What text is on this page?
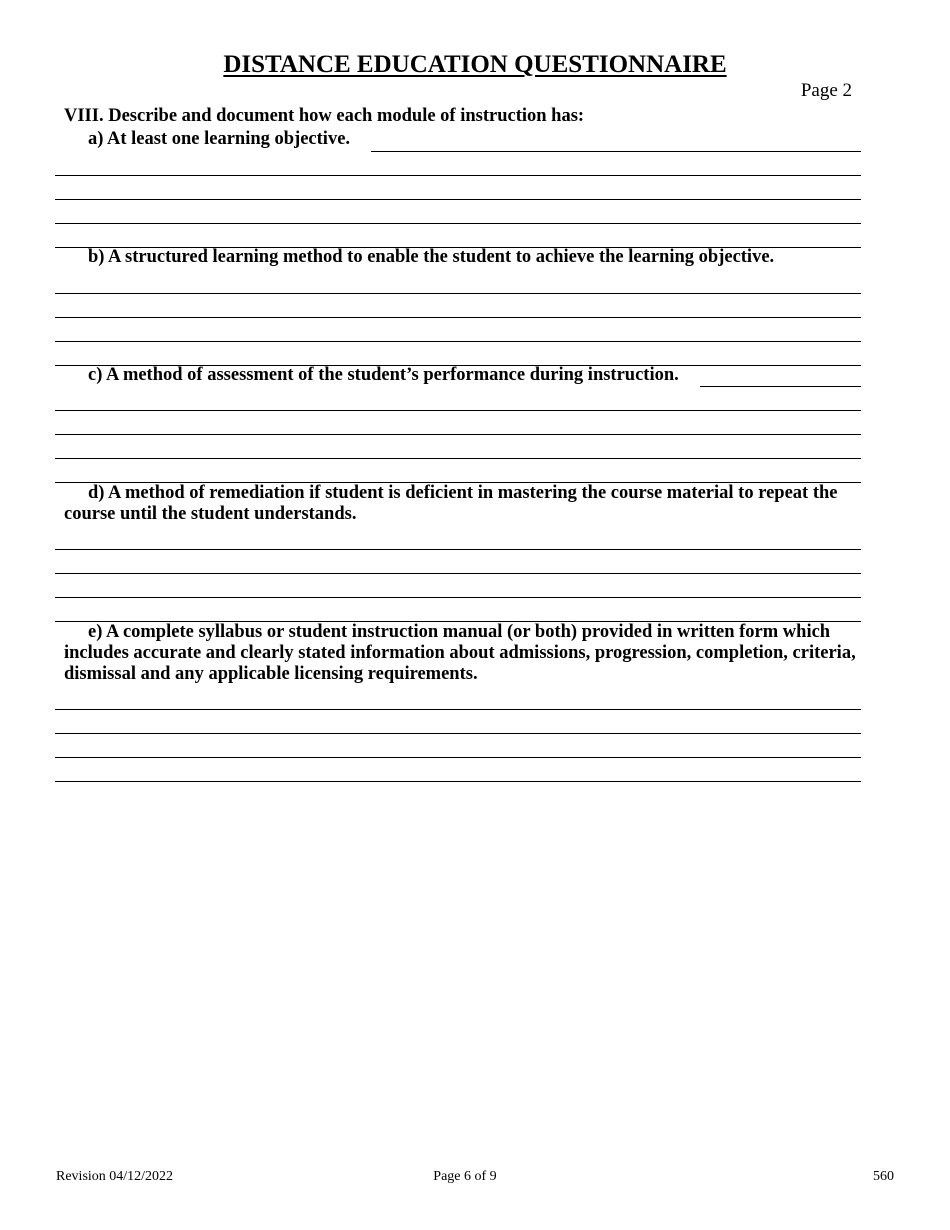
DISTANCE EDUCATION QUESTIONNAIRE
Page 2
VIII. Describe and document how each module of instruction has:
a) At least one learning objective.
b) A structured learning method to enable the student to achieve the learning objective.
c) A method of assessment of the student’s performance during instruction.
d) A method of remediation if student is deficient in mastering the course material to repeat the course until the student understands.
e) A complete syllabus or student instruction manual (or both) provided in written form which includes accurate and clearly stated information about admissions, progression, completion, criteria, dismissal and any applicable licensing requirements.
Revision 04/12/2022	Page 6 of 9	560
